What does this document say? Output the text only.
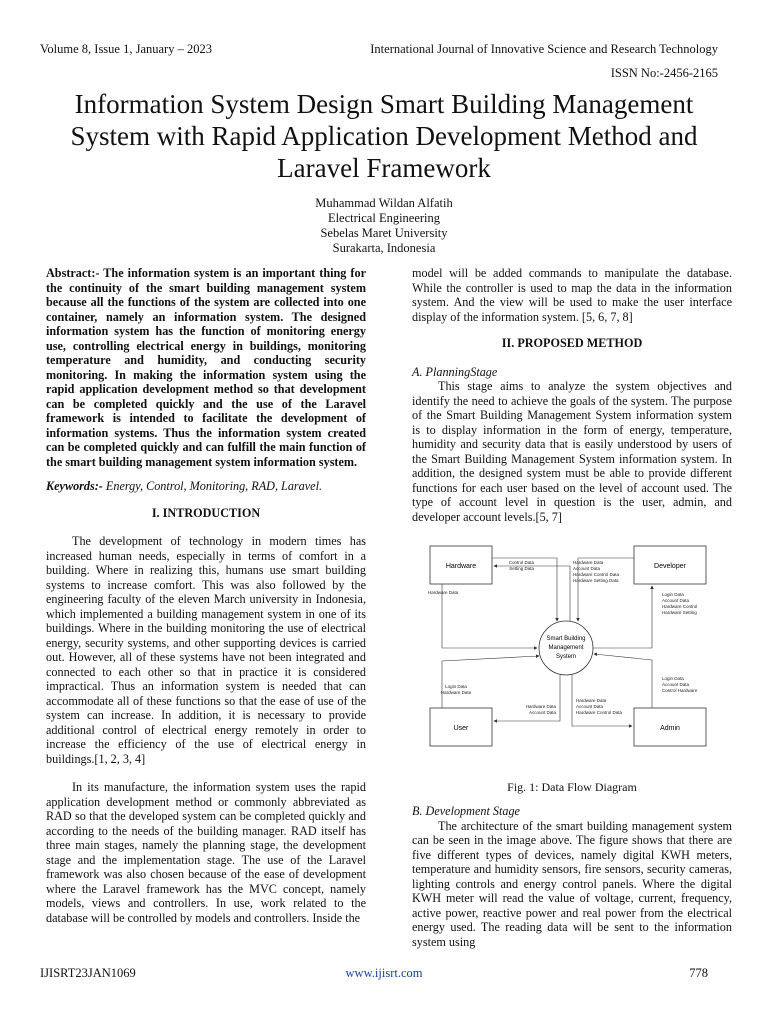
Volume 8, Issue 1, January – 2023	International Journal of Innovative Science and Research Technology
ISSN No:-2456-2165
Information System Design Smart Building Management System with Rapid Application Development Method and Laravel Framework
Muhammad Wildan Alfatih
Electrical Engineering
Sebelas Maret University
Surakarta, Indonesia

Abstract:- The information system is an important thing for the continuity of the smart building management system because all the functions of the system are collected into one container, namely an information system. The designed information system has the function of monitoring energy use, controlling electrical energy in buildings, monitoring temperature and humidity, and conducting security monitoring. In making the information system using the rapid application development method so that development can be completed quickly and the use of the Laravel framework is intended to facilitate the development of information systems. Thus the information system created can be completed quickly and can fulfill the main function of the smart building management system information system.

Keywords:- Energy, Control, Monitoring, RAD, Laravel.

I. INTRODUCTION

The development of technology in modern times has increased human needs, especially in terms of comfort in a building. Where in realizing this, humans use smart building systems to increase comfort. This was also followed by the engineering faculty of the eleven March university in Indonesia, which implemented a building management system in one of its buildings. Where in the building monitoring the use of electrical energy, security systems, and other supporting devices is carried out. However, all of these systems have not been integrated and connected to each other so that in practice it is considered impractical. Thus an information system is needed that can accommodate all of these functions so that the ease of use of the system can increase. In addition, it is necessary to provide additional control of electrical energy remotely in order to increase the efficiency of the use of electrical energy in buildings.[1, 2, 3, 4]

In its manufacture, the information system uses the rapid application development method or commonly abbreviated as RAD so that the developed system can be completed quickly and according to the needs of the building manager. RAD itself has three main stages, namely the planning stage, the development stage and the implementation stage. The use of the Laravel framework was also chosen because of the ease of development where the Laravel framework has the MVC concept, namely models, views and controllers. In use, work related to the database will be controlled by models and controllers. Inside the

model will be added commands to manipulate the database. While the controller is used to map the data in the information system. And the view will be used to make the user interface display of the information system. [5, 6, 7, 8]

II. PROPOSED METHOD

A. PlanningStage

This stage aims to analyze the system objectives and identify the need to achieve the goals of the system. The purpose of the Smart Building Management System information system is to display information in the form of energy, temperature, humidity and security data that is easily understood by users of the Smart Building Management System information system. In addition, the designed system must be able to provide different functions for each user based on the level of account used. The type of account level in question is the user, admin, and developer account levels.[5, 7]

Hardware	Developer
User	Admin
Smart Building
Management
System
Control Data
Setting Data
Hardware Data
Account Data
Hardware Control Data
Hardware Setting Data
Hardware Data	Login Data
Account Data
Hardware Control
Hardware Setting
Login Data
Hardware Data
Login Data
Account Data
Control Hardware
Hardware Data
Account Data
Hardware Data
Account Data
Hardware Control Data
Fig. 1: Data Flow Diagram

B. Development Stage

The architecture of the smart building management system can be seen in the image above. The figure shows that there are five different types of devices, namely digital KWH meters, temperature and humidity sensors, fire sensors, security cameras, lighting controls and energy control panels. Where the digital KWH meter will read the value of voltage, current, frequency, active power, reactive power and real power from the electrical energy used. The reading data will be sent to the information system using

IJISRT23JAN1069	www.ijisrt.com	778
